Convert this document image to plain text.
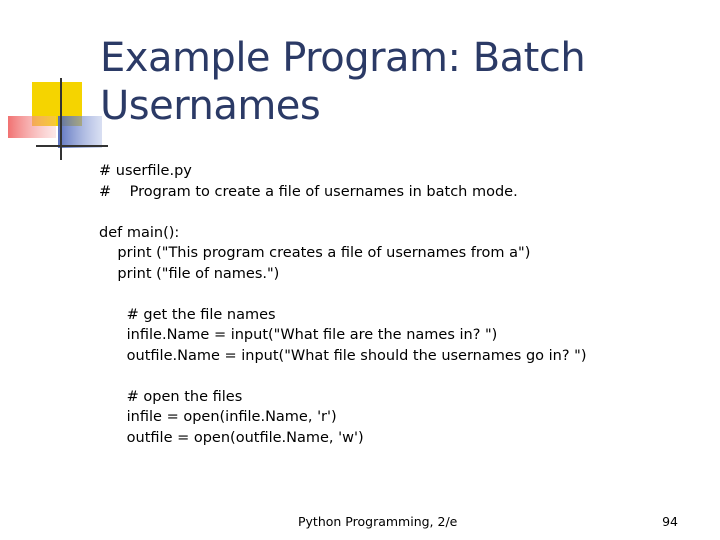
Example Program: Batch
Usernames
# userfile.py
#    Program to create a file of usernames in batch mode.
def main():
print ("This program creates a file of usernames from a")
print ("file of names.")
# get the file names
infile.Name = input("What file are the names in? ")
outfile.Name = input("What file should the usernames go in? ")
# open the files
infile = open(infile.Name, 'r')
outfile = open(outfile.Name, 'w')
Python Programming, 2/e	94
